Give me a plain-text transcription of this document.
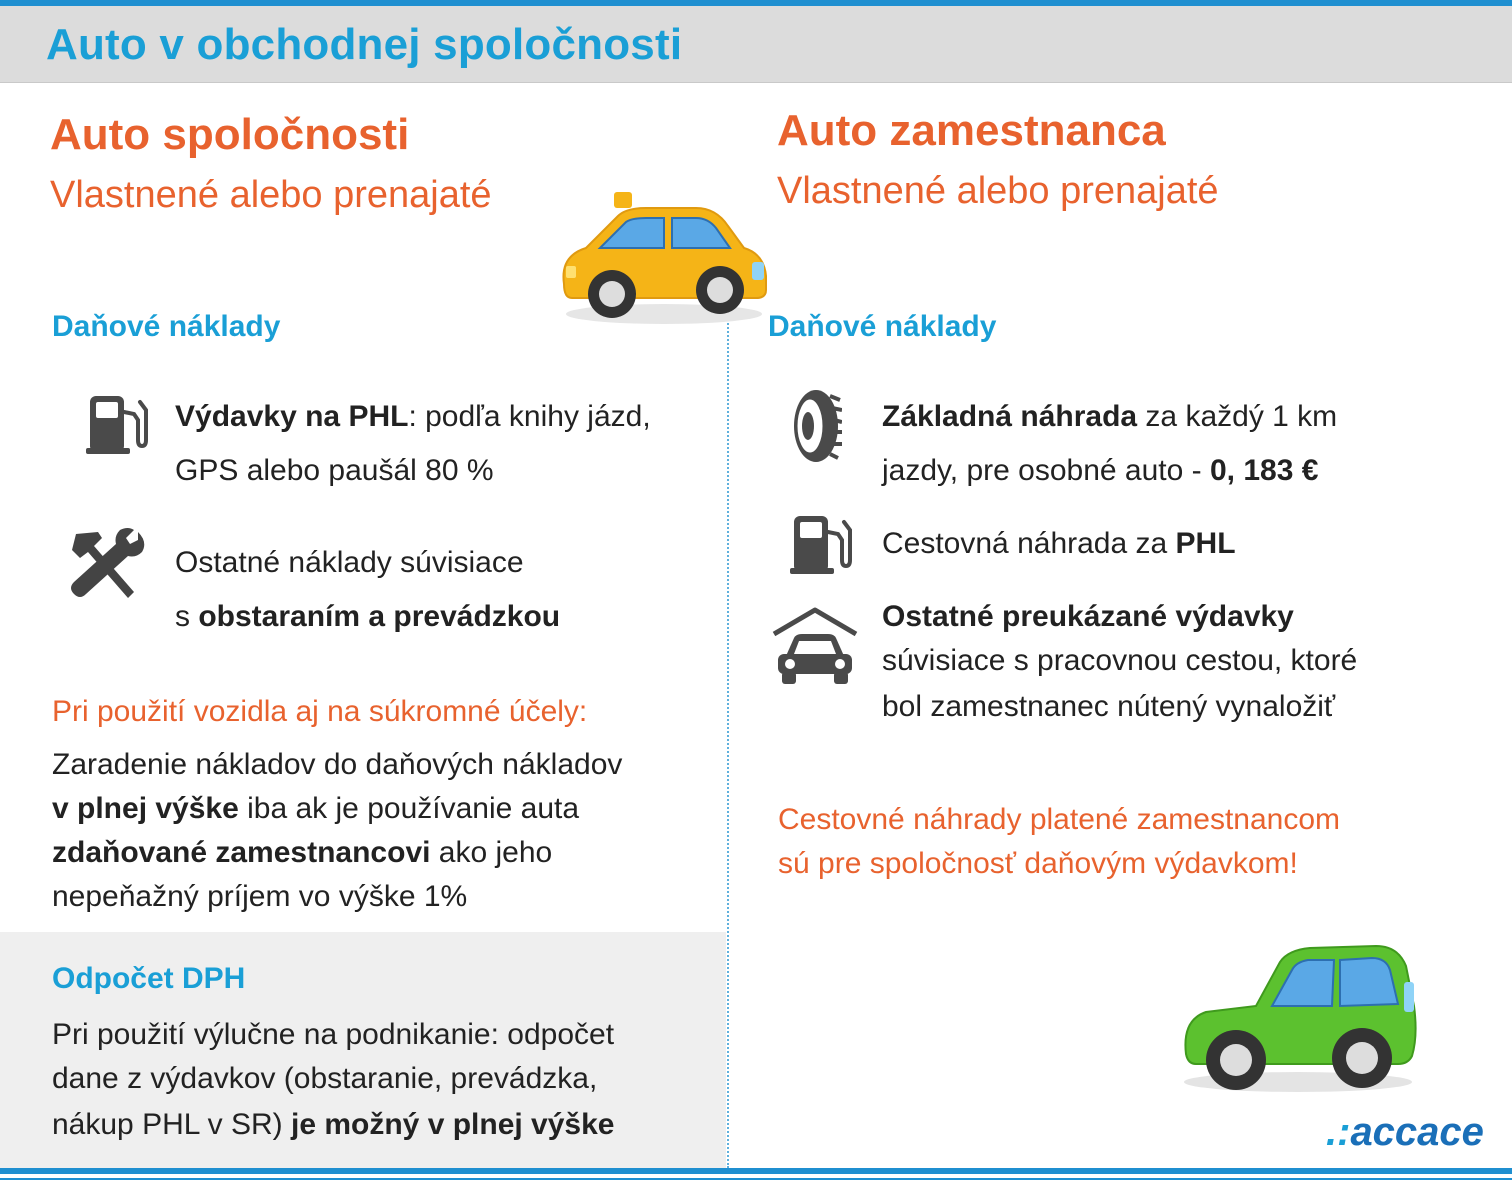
Auto v obchodnej spoločnosti
Auto spoločnosti
Vlastnené alebo prenajaté
Daňové náklady
Výdavky na PHL: podľa knihy jázd,
GPS alebo paušál 80 %
Ostatné náklady súvisiace
s obstaraním a prevádzkou
Pri použití vozidla aj na súkromné účely:
Zaradenie nákladov do daňových nákladov
v plnej výške iba ak je používanie auta
zdaňované zamestnancovi ako jeho
nepeňažný príjem vo výške 1%
Odpočet DPH
Pri použití výlučne na podnikanie: odpočet
dane z výdavkov (obstaranie, prevádzka,
nákup PHL v SR) je možný v plnej výške
Auto zamestnanca
Vlastnené alebo prenajaté
Daňové náklady
Základná náhrada za každý 1 km
jazdy, pre osobné auto - 0, 183 €
Cestovná náhrada za PHL
Ostatné preukázané výdavky
súvisiace s pracovnou cestou, ktoré
bol zamestnanec nútený vynaložiť
Cestovné náhrady platené zamestnancom
sú pre spoločnosť daňovým výdavkom!
.:accace
